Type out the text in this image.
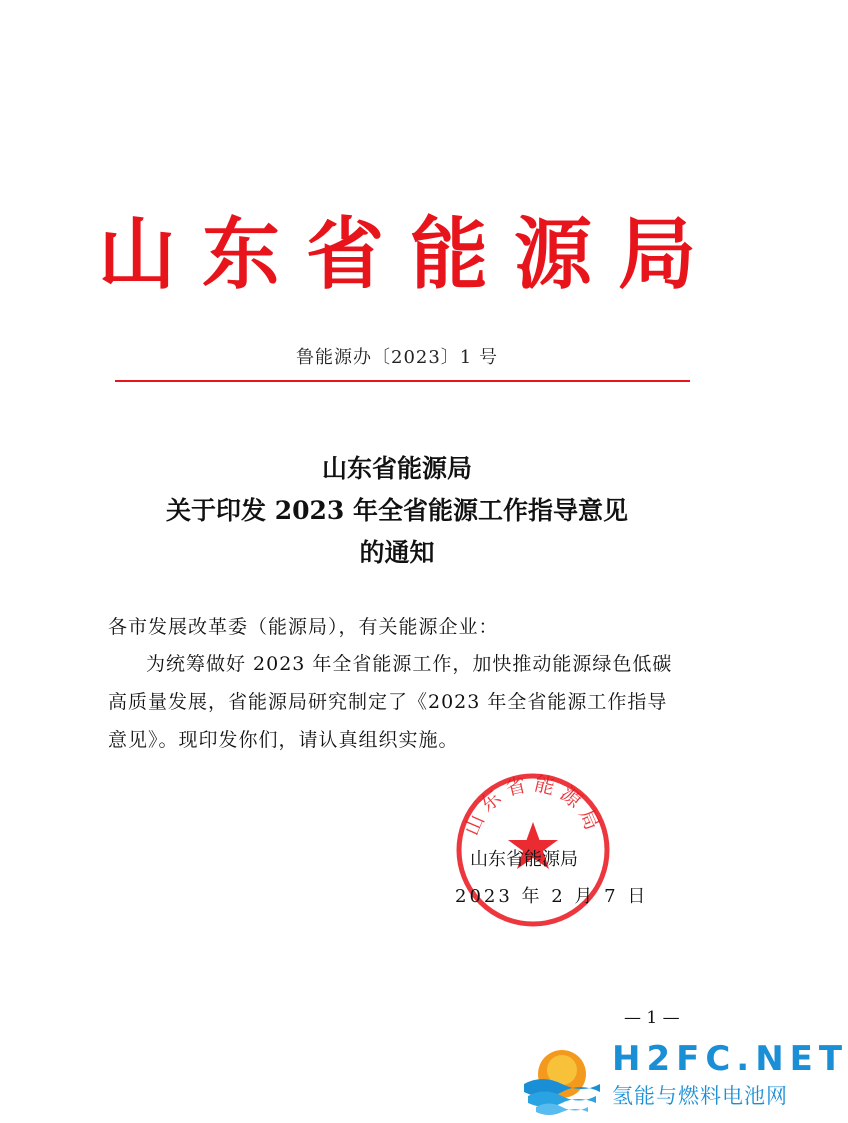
山东省能源局
鲁能源办〔2023〕1 号
山东省能源局
关于印发 2023 年全省能源工作指导意见
的通知
各市发展改革委（能源局），有关能源企业：
为统筹做好 2023 年全省能源工作，加快推动能源绿色低碳
高质量发展，省能源局研究制定了《2023 年全省能源工作指导
意见》。现印发你们，请认真组织实施。
山东省能源局
山东省能源局
2023 年 2 月 7 日
— 1 —
H2FC.NET
氢能与燃料电池网
